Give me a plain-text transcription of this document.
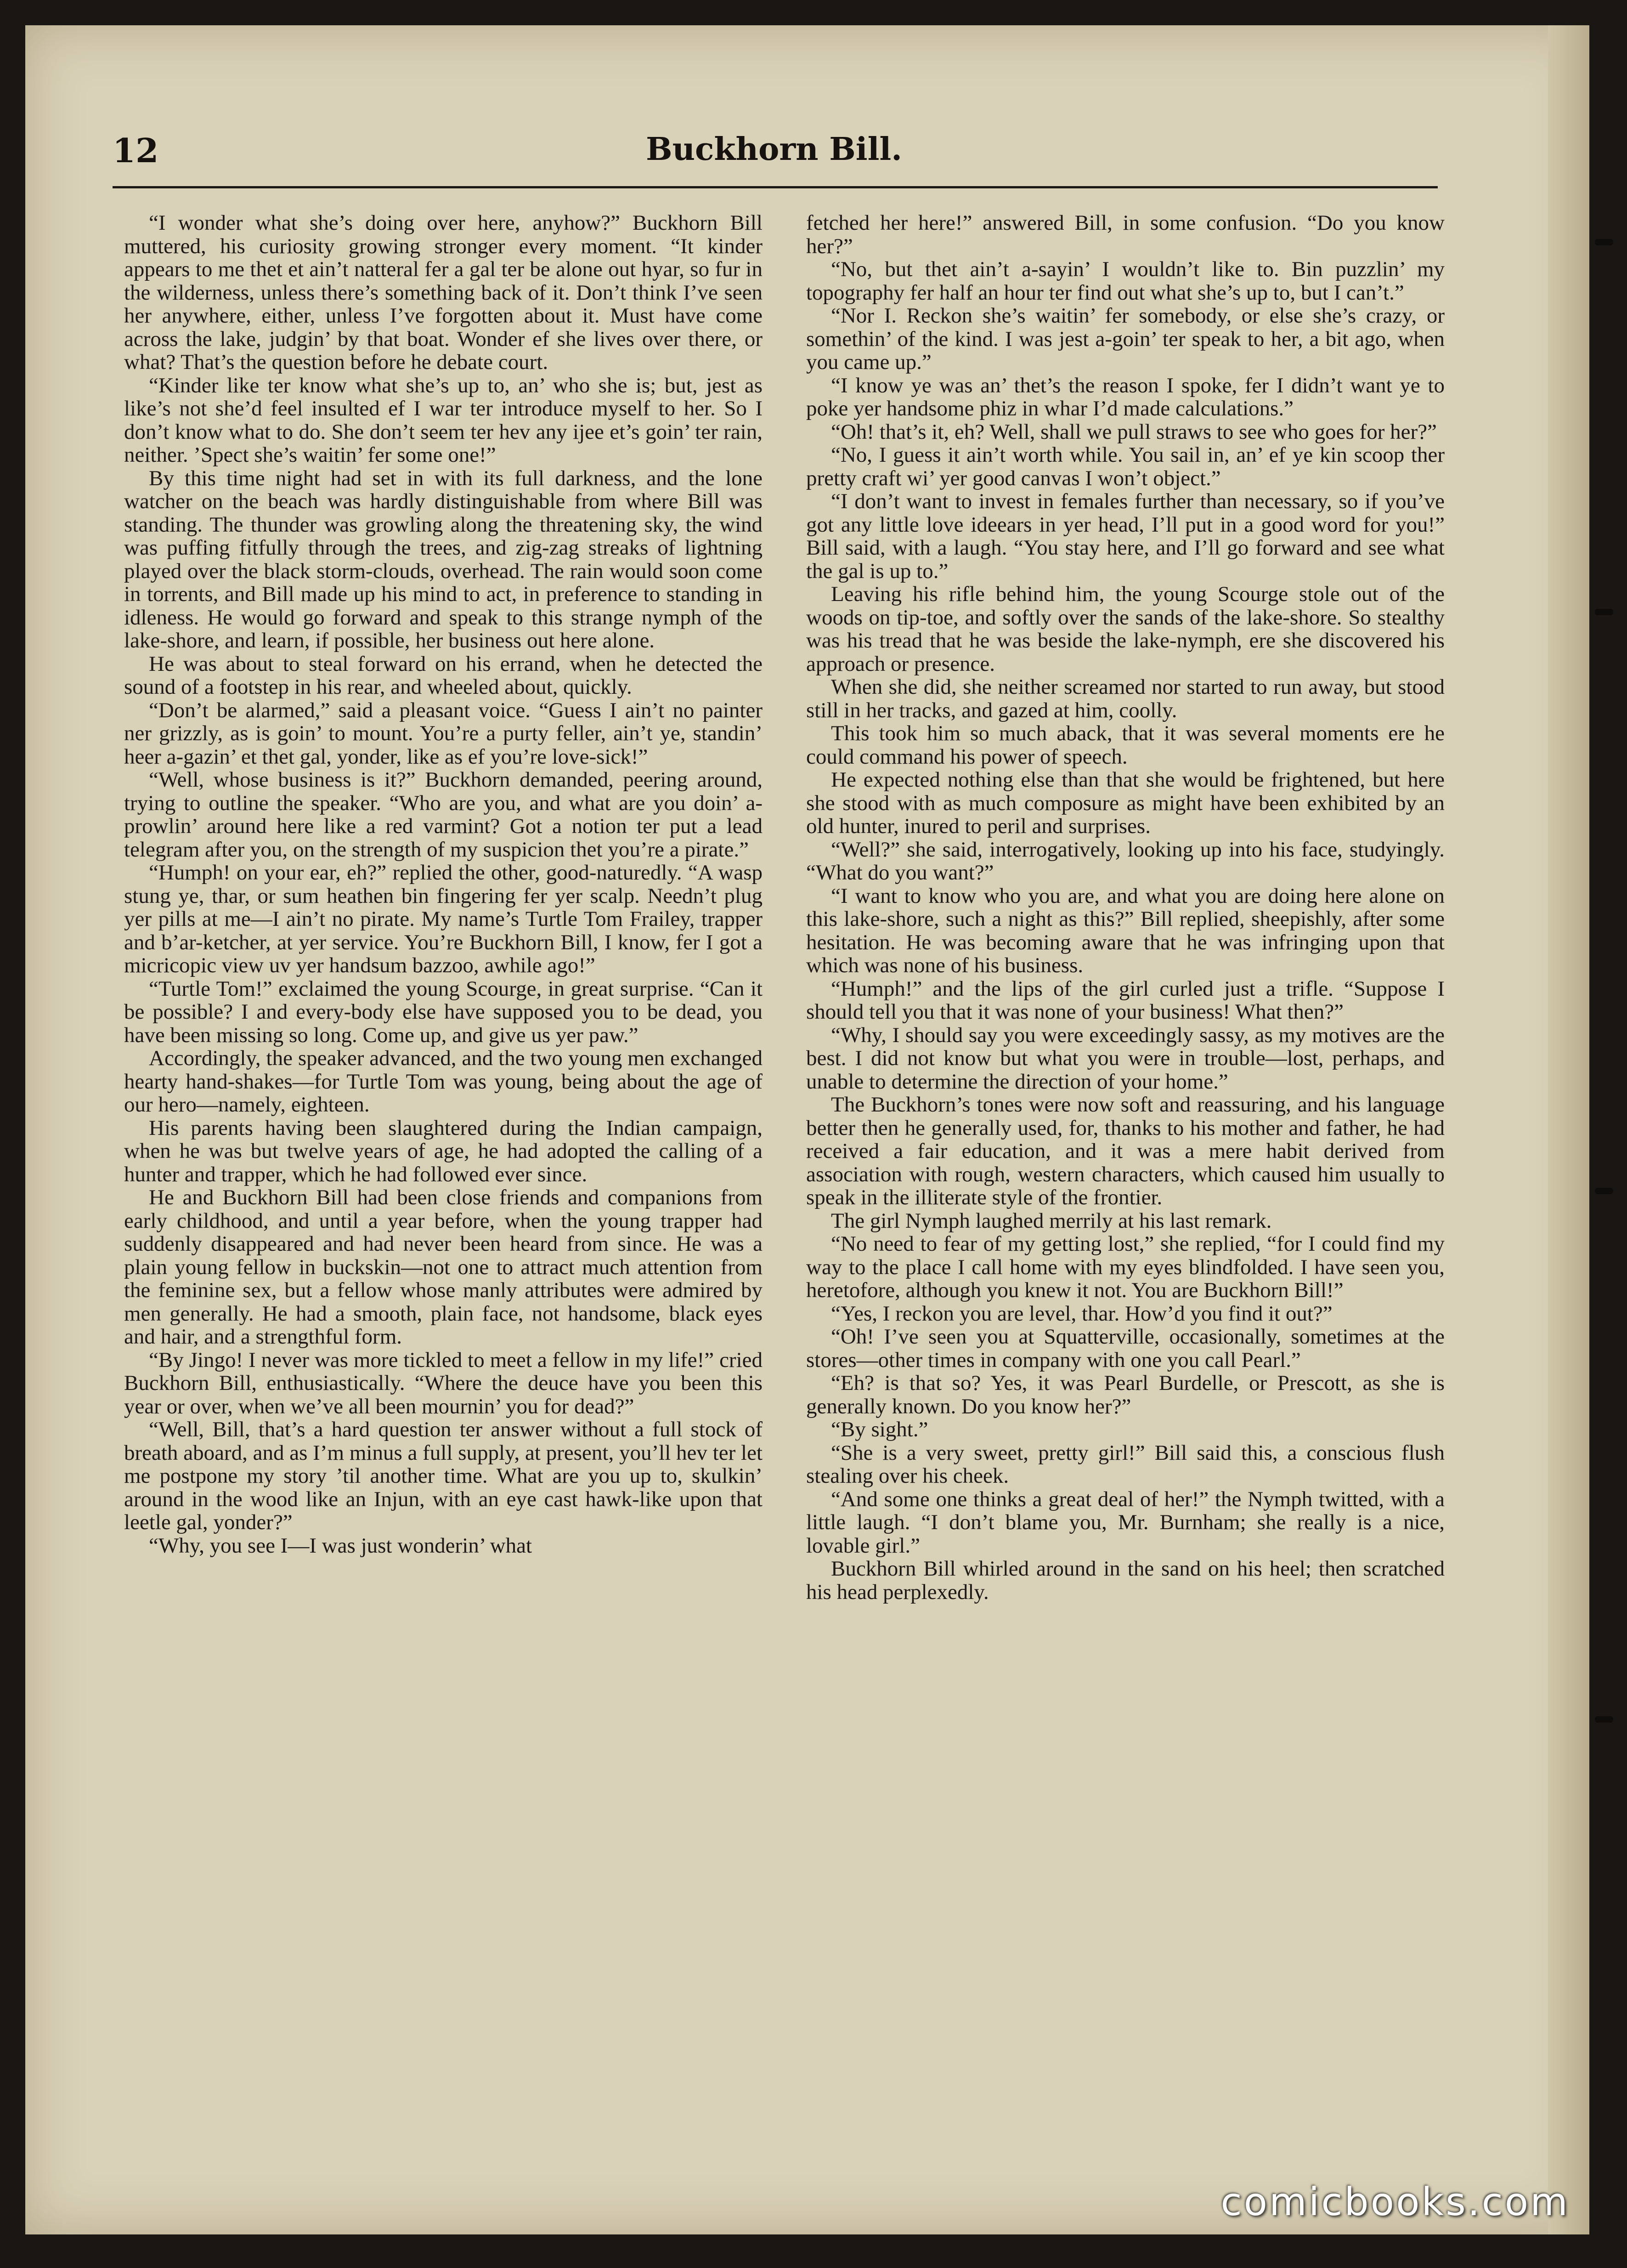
12	Buckhorn Bill.

“I wonder what she’s doing over here, anyhow?” Buckhorn Bill muttered, his curiosity growing stronger every moment. “It kinder appears to me thet et ain’t natteral fer a gal ter be alone out hyar, so fur in the wilderness, unless there’s something back of it. Don’t think I’ve seen her anywhere, either, unless I’ve forgotten about it. Must have come across the lake, judgin’ by that boat. Wonder ef she lives over there, or what? That’s the question before he debate court.

“Kinder like ter know what she’s up to, an’ who she is; but, jest as like’s not she’d feel insulted ef I war ter introduce myself to her. So I don’t know what to do. She don’t seem ter hev any ijee et’s goin’ ter rain, neither. ’Spect she’s waitin’ fer some one!”

By this time night had set in with its full darkness, and the lone watcher on the beach was hardly distinguishable from where Bill was standing. The thunder was growling along the threatening sky, the wind was puffing fitfully through the trees, and zig-zag streaks of lightning played over the black storm-clouds, overhead. The rain would soon come in torrents, and Bill made up his mind to act, in preference to standing in idleness. He would go forward and speak to this strange nymph of the lake-shore, and learn, if possible, her business out here alone.

He was about to steal forward on his errand, when he detected the sound of a footstep in his rear, and wheeled about, quickly.

“Don’t be alarmed,” said a pleasant voice. “Guess I ain’t no painter ner grizzly, as is goin’ to mount. You’re a purty feller, ain’t ye, standin’ heer a-gazin’ et thet gal, yonder, like as ef you’re love-sick!”

“Well, whose business is it?” Buckhorn demanded, peering around, trying to outline the speaker. “Who are you, and what are you doin’ a-prowlin’ around here like a red varmint? Got a notion ter put a lead telegram after you, on the strength of my suspicion thet you’re a pirate.”

“Humph! on your ear, eh?” replied the other, good-naturedly. “A wasp stung ye, thar, or sum heathen bin fingering fer yer scalp. Needn’t plug yer pills at me—I ain’t no pirate. My name’s Turtle Tom Frailey, trapper and b’ar-ketcher, at yer service. You’re Buckhorn Bill, I know, fer I got a micricopic view uv yer handsum bazzoo, awhile ago!”

“Turtle Tom!” exclaimed the young Scourge, in great surprise. “Can it be possible? I and every-body else have supposed you to be dead, you have been missing so long. Come up, and give us yer paw.”

Accordingly, the speaker advanced, and the two young men exchanged hearty hand-shakes—for Turtle Tom was young, being about the age of our hero—namely, eighteen.

His parents having been slaughtered during the Indian campaign, when he was but twelve years of age, he had adopted the calling of a hunter and trapper, which he had followed ever since.

He and Buckhorn Bill had been close friends and companions from early childhood, and until a year before, when the young trapper had suddenly disappeared and had never been heard from since. He was a plain young fellow in buckskin—not one to attract much attention from the feminine sex, but a fellow whose manly attributes were admired by men generally. He had a smooth, plain face, not handsome, black eyes and hair, and a strengthful form.

“By Jingo! I never was more tickled to meet a fellow in my life!” cried Buckhorn Bill, enthusiastically. “Where the deuce have you been this year or over, when we’ve all been mournin’ you for dead?”

“Well, Bill, that’s a hard question ter answer without a full stock of breath aboard, and as I’m minus a full supply, at present, you’ll hev ter let me postpone my story ’til another time. What are you up to, skulkin’ around in the wood like an Injun, with an eye cast hawk-like upon that leetle gal, yonder?”

“Why, you see I—I was just wonderin’ what

fetched her here!” answered Bill, in some confusion. “Do you know her?”

“No, but thet ain’t a-sayin’ I wouldn’t like to. Bin puzzlin’ my topography fer half an hour ter find out what she’s up to, but I can’t.”

“Nor I. Reckon she’s waitin’ fer somebody, or else she’s crazy, or somethin’ of the kind. I was jest a-goin’ ter speak to her, a bit ago, when you came up.”

“I know ye was an’ thet’s the reason I spoke, fer I didn’t want ye to poke yer handsome phiz in whar I’d made calculations.”

“Oh! that’s it, eh? Well, shall we pull straws to see who goes for her?”

“No, I guess it ain’t worth while. You sail in, an’ ef ye kin scoop ther pretty craft wi’ yer good canvas I won’t object.”

“I don’t want to invest in females further than necessary, so if you’ve got any little love ideears in yer head, I’ll put in a good word for you!” Bill said, with a laugh. “You stay here, and I’ll go forward and see what the gal is up to.”

Leaving his rifle behind him, the young Scourge stole out of the woods on tip-toe, and softly over the sands of the lake-shore. So stealthy was his tread that he was beside the lake-nymph, ere she discovered his approach or presence.

When she did, she neither screamed nor started to run away, but stood still in her tracks, and gazed at him, coolly.

This took him so much aback, that it was several moments ere he could command his power of speech.

He expected nothing else than that she would be frightened, but here she stood with as much composure as might have been exhibited by an old hunter, inured to peril and surprises.

“Well?” she said, interrogatively, looking up into his face, studyingly. “What do you want?”

“I want to know who you are, and what you are doing here alone on this lake-shore, such a night as this?” Bill replied, sheepishly, after some hesitation. He was becoming aware that he was infringing upon that which was none of his business.

“Humph!” and the lips of the girl curled just a trifle. “Suppose I should tell you that it was none of your business! What then?”

“Why, I should say you were exceedingly sassy, as my motives are the best. I did not know but what you were in trouble—lost, perhaps, and unable to determine the direction of your home.”

The Buckhorn’s tones were now soft and reassuring, and his language better then he generally used, for, thanks to his mother and father, he had received a fair education, and it was a mere habit derived from association with rough, western characters, which caused him usually to speak in the illiterate style of the frontier.

The girl Nymph laughed merrily at his last remark.

“No need to fear of my getting lost,” she replied, “for I could find my way to the place I call home with my eyes blindfolded. I have seen you, heretofore, although you knew it not. You are Buckhorn Bill!”

“Yes, I reckon you are level, thar. How’d you find it out?”

“Oh! I’ve seen you at Squatterville, occasionally, sometimes at the stores—other times in company with one you call Pearl.”

“Eh? is that so? Yes, it was Pearl Burdelle, or Prescott, as she is generally known. Do you know her?”

“By sight.”

“She is a very sweet, pretty girl!” Bill said this, a conscious flush stealing over his cheek.

“And some one thinks a great deal of her!” the Nymph twitted, with a little laugh. “I don’t blame you, Mr. Burnham; she really is a nice, lovable girl.”

Buckhorn Bill whirled around in the sand on his heel; then scratched his head perplexedly.

comicbooks.com
